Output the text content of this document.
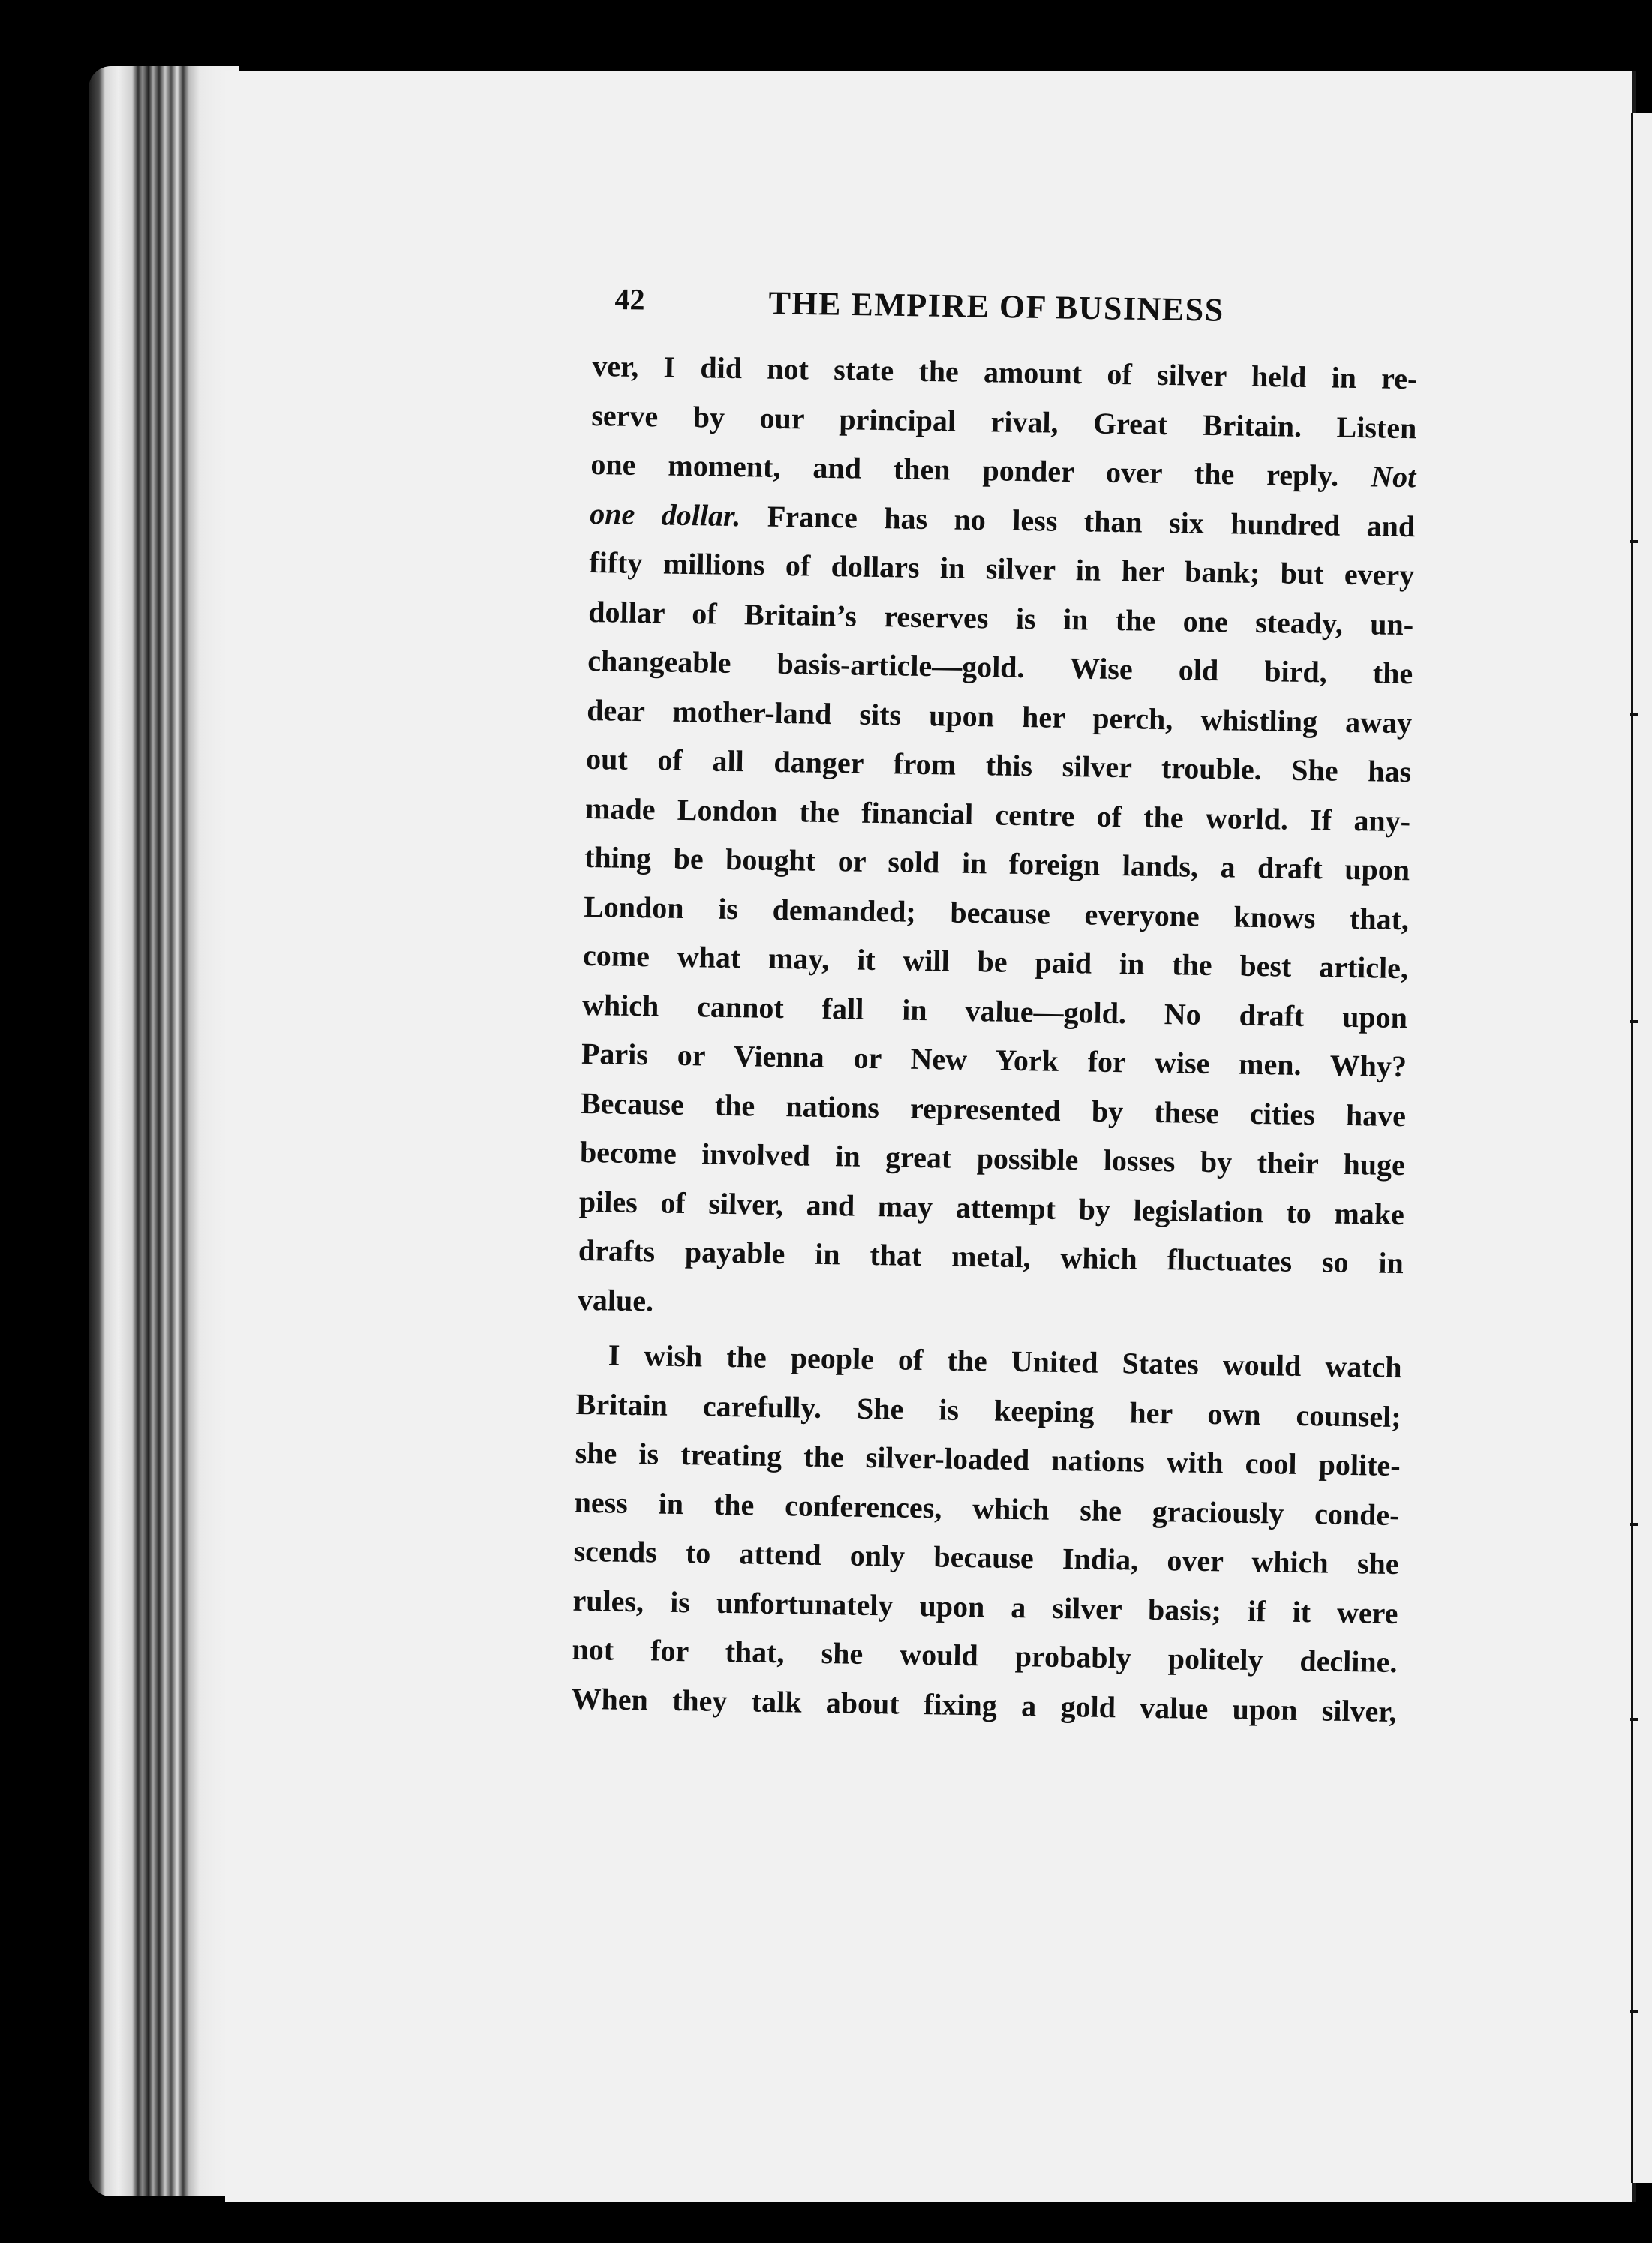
42	THE EMPIRE OF BUSINESS
ver, I did not state the amount of silver held in re-
serve by our principal rival, Great Britain. Listen
one moment, and then ponder over the reply. Not
one dollar. France has no less than six hundred and
fifty millions of dollars in silver in her bank; but every
dollar of Britain’s reserves is in the one steady, un-
changeable basis-article—gold. Wise old bird, the
dear mother-land sits upon her perch, whistling away
out of all danger from this silver trouble. She has
made London the financial centre of the world. If any-
thing be bought or sold in foreign lands, a draft upon
London is demanded; because everyone knows that,
come what may, it will be paid in the best article,
which cannot fall in value—gold. No draft upon
Paris or Vienna or New York for wise men. Why?
Because the nations represented by these cities have
become involved in great possible losses by their huge
piles of silver, and may attempt by legislation to make
drafts payable in that metal, which fluctuates so in
value.
I wish the people of the United States would watch
Britain carefully. She is keeping her own counsel;
she is treating the silver-loaded nations with cool polite-
ness in the conferences, which she graciously conde-
scends to attend only because India, over which she
rules, is unfortunately upon a silver basis; if it were
not for that, she would probably politely decline.
When they talk about fixing a gold value upon silver,
